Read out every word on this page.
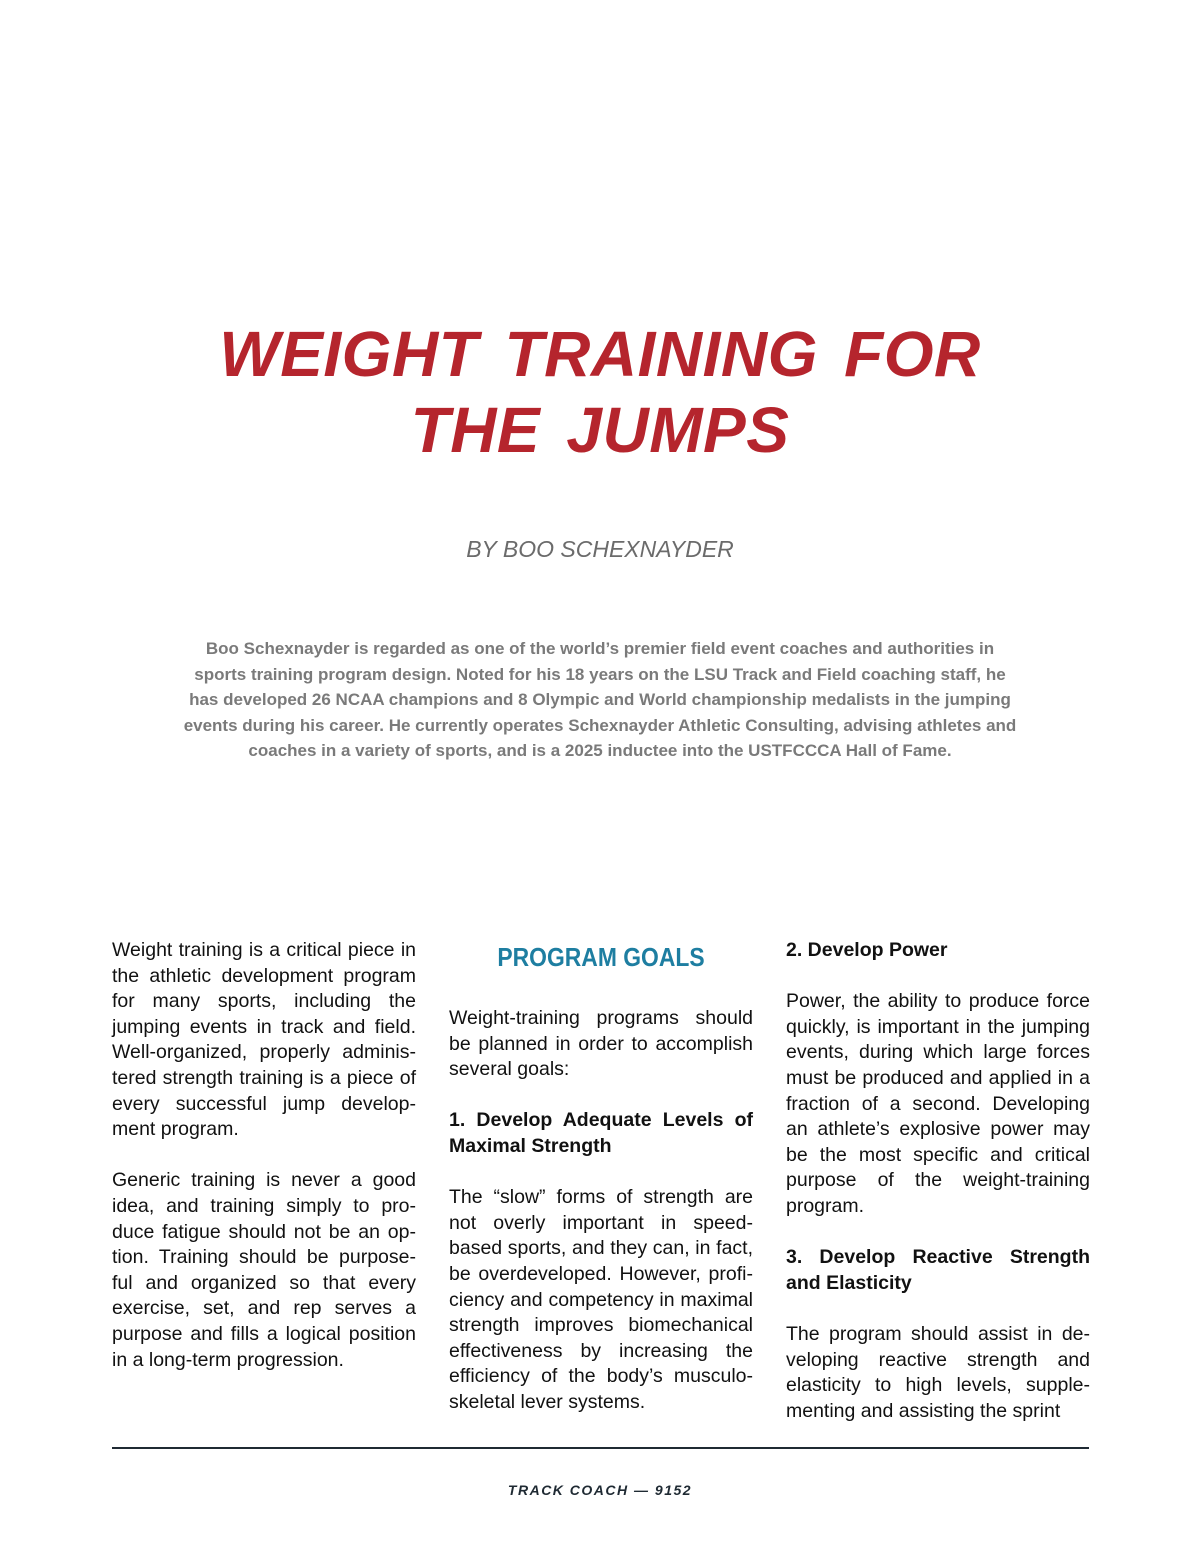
WEIGHT TRAINING FOR
THE JUMPS

BY BOO SCHEXNAYDER

Boo Schexnayder is regarded as one of the world’s premier field event coaches and authorities in
sports training program design. Noted for his 18 years on the LSU Track and Field coaching staff, he
has developed 26 NCAA champions and 8 Olympic and World championship medalists in the jumping
events during his career. He currently operates Schexnayder Athletic Consulting, advising athletes and
coaches in a variety of sports, and is a 2025 inductee into the USTFCCCA Hall of Fame.

Weight training is a critical piece in the athletic development program for many sports, including the jumping events in track and field. Well-organized, properly adminis-tered strength training is a piece of every successful jump develop-ment program.

Generic training is never a good idea, and training simply to pro-duce fatigue should not be an op-tion. Training should be purpose-ful and organized so that every exercise, set, and rep serves a purpose and fills a logical position in a long-term progression.

PROGRAM GOALS

Weight-training programs should be planned in order to accomplish several goals:

1. Develop Adequate Levels of Maximal Strength

The “slow” forms of strength are not overly important in speed-based sports, and they can, in fact, be overdeveloped. However, profi-ciency and competency in maximal strength improves biomechanical effectiveness by increasing the efficiency of the body’s musculo-skeletal lever systems.

2. Develop Power

Power, the ability to produce force quickly, is important in the jumping events, during which large forces must be produced and applied in a fraction of a second. Developing an athlete’s explosive power may be the most specific and critical purpose of the weight-training program.

3. Develop Reactive Strength and Elasticity

The program should assist in de-veloping reactive strength and elasticity to high levels, supple-menting and assisting the sprint

TRACK COACH — 9152
